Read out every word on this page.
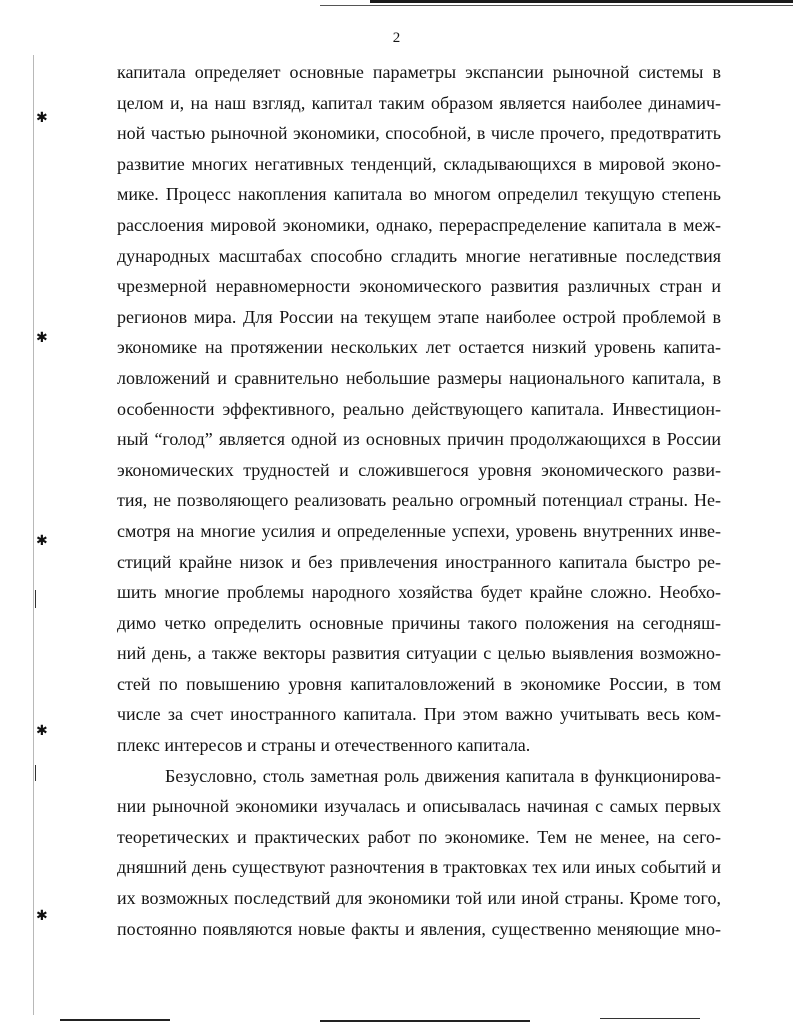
2
✱
✱
✱
✱
✱
капитала определяет основные параметры экспансии рыночной системы в
целом и, на наш взгляд, капитал таким образом является наиболее динамич-
ной частью рыночной экономики, способной, в числе прочего, предотвратить
развитие многих негативных тенденций, складывающихся в мировой эконо-
мике. Процесс накопления капитала во многом определил текущую степень
расслоения мировой экономики, однако, перераспределение капитала в меж-
дународных масштабах способно сгладить многие негативные последствия
чрезмерной неравномерности экономического развития различных стран и
регионов мира. Для России на текущем этапе наиболее острой проблемой в
экономике на протяжении нескольких лет остается низкий уровень капита-
ловложений и сравнительно небольшие размеры национального капитала, в
особенности эффективного, реально действующего капитала. Инвестицион-
ный “голод” является одной из основных причин продолжающихся в России
экономических трудностей и сложившегося уровня экономического разви-
тия, не позволяющего реализовать реально огромный потенциал страны. Не-
смотря на многие усилия и определенные успехи, уровень внутренних инве-
стиций крайне низок и без привлечения иностранного капитала быстро ре-
шить многие проблемы народного хозяйства будет крайне сложно. Необхо-
димо четко определить основные причины такого положения на сегодняш-
ний день, а также векторы развития ситуации с целью выявления возможно-
стей по повышению уровня капиталовложений в экономике России, в том
числе за счет иностранного капитала. При этом важно учитывать весь ком-
плекс интересов и страны и отечественного капитала.
Безусловно, столь заметная роль движения капитала в функционирова-
нии рыночной экономики изучалась и описывалась начиная с самых первых
теоретических и практических работ по экономике. Тем не менее, на сего-
дняшний день существуют разночтения в трактовках тех или иных событий и
их возможных последствий для экономики той или иной страны. Кроме того,
постоянно появляются новые факты и явления, существенно меняющие мно-
